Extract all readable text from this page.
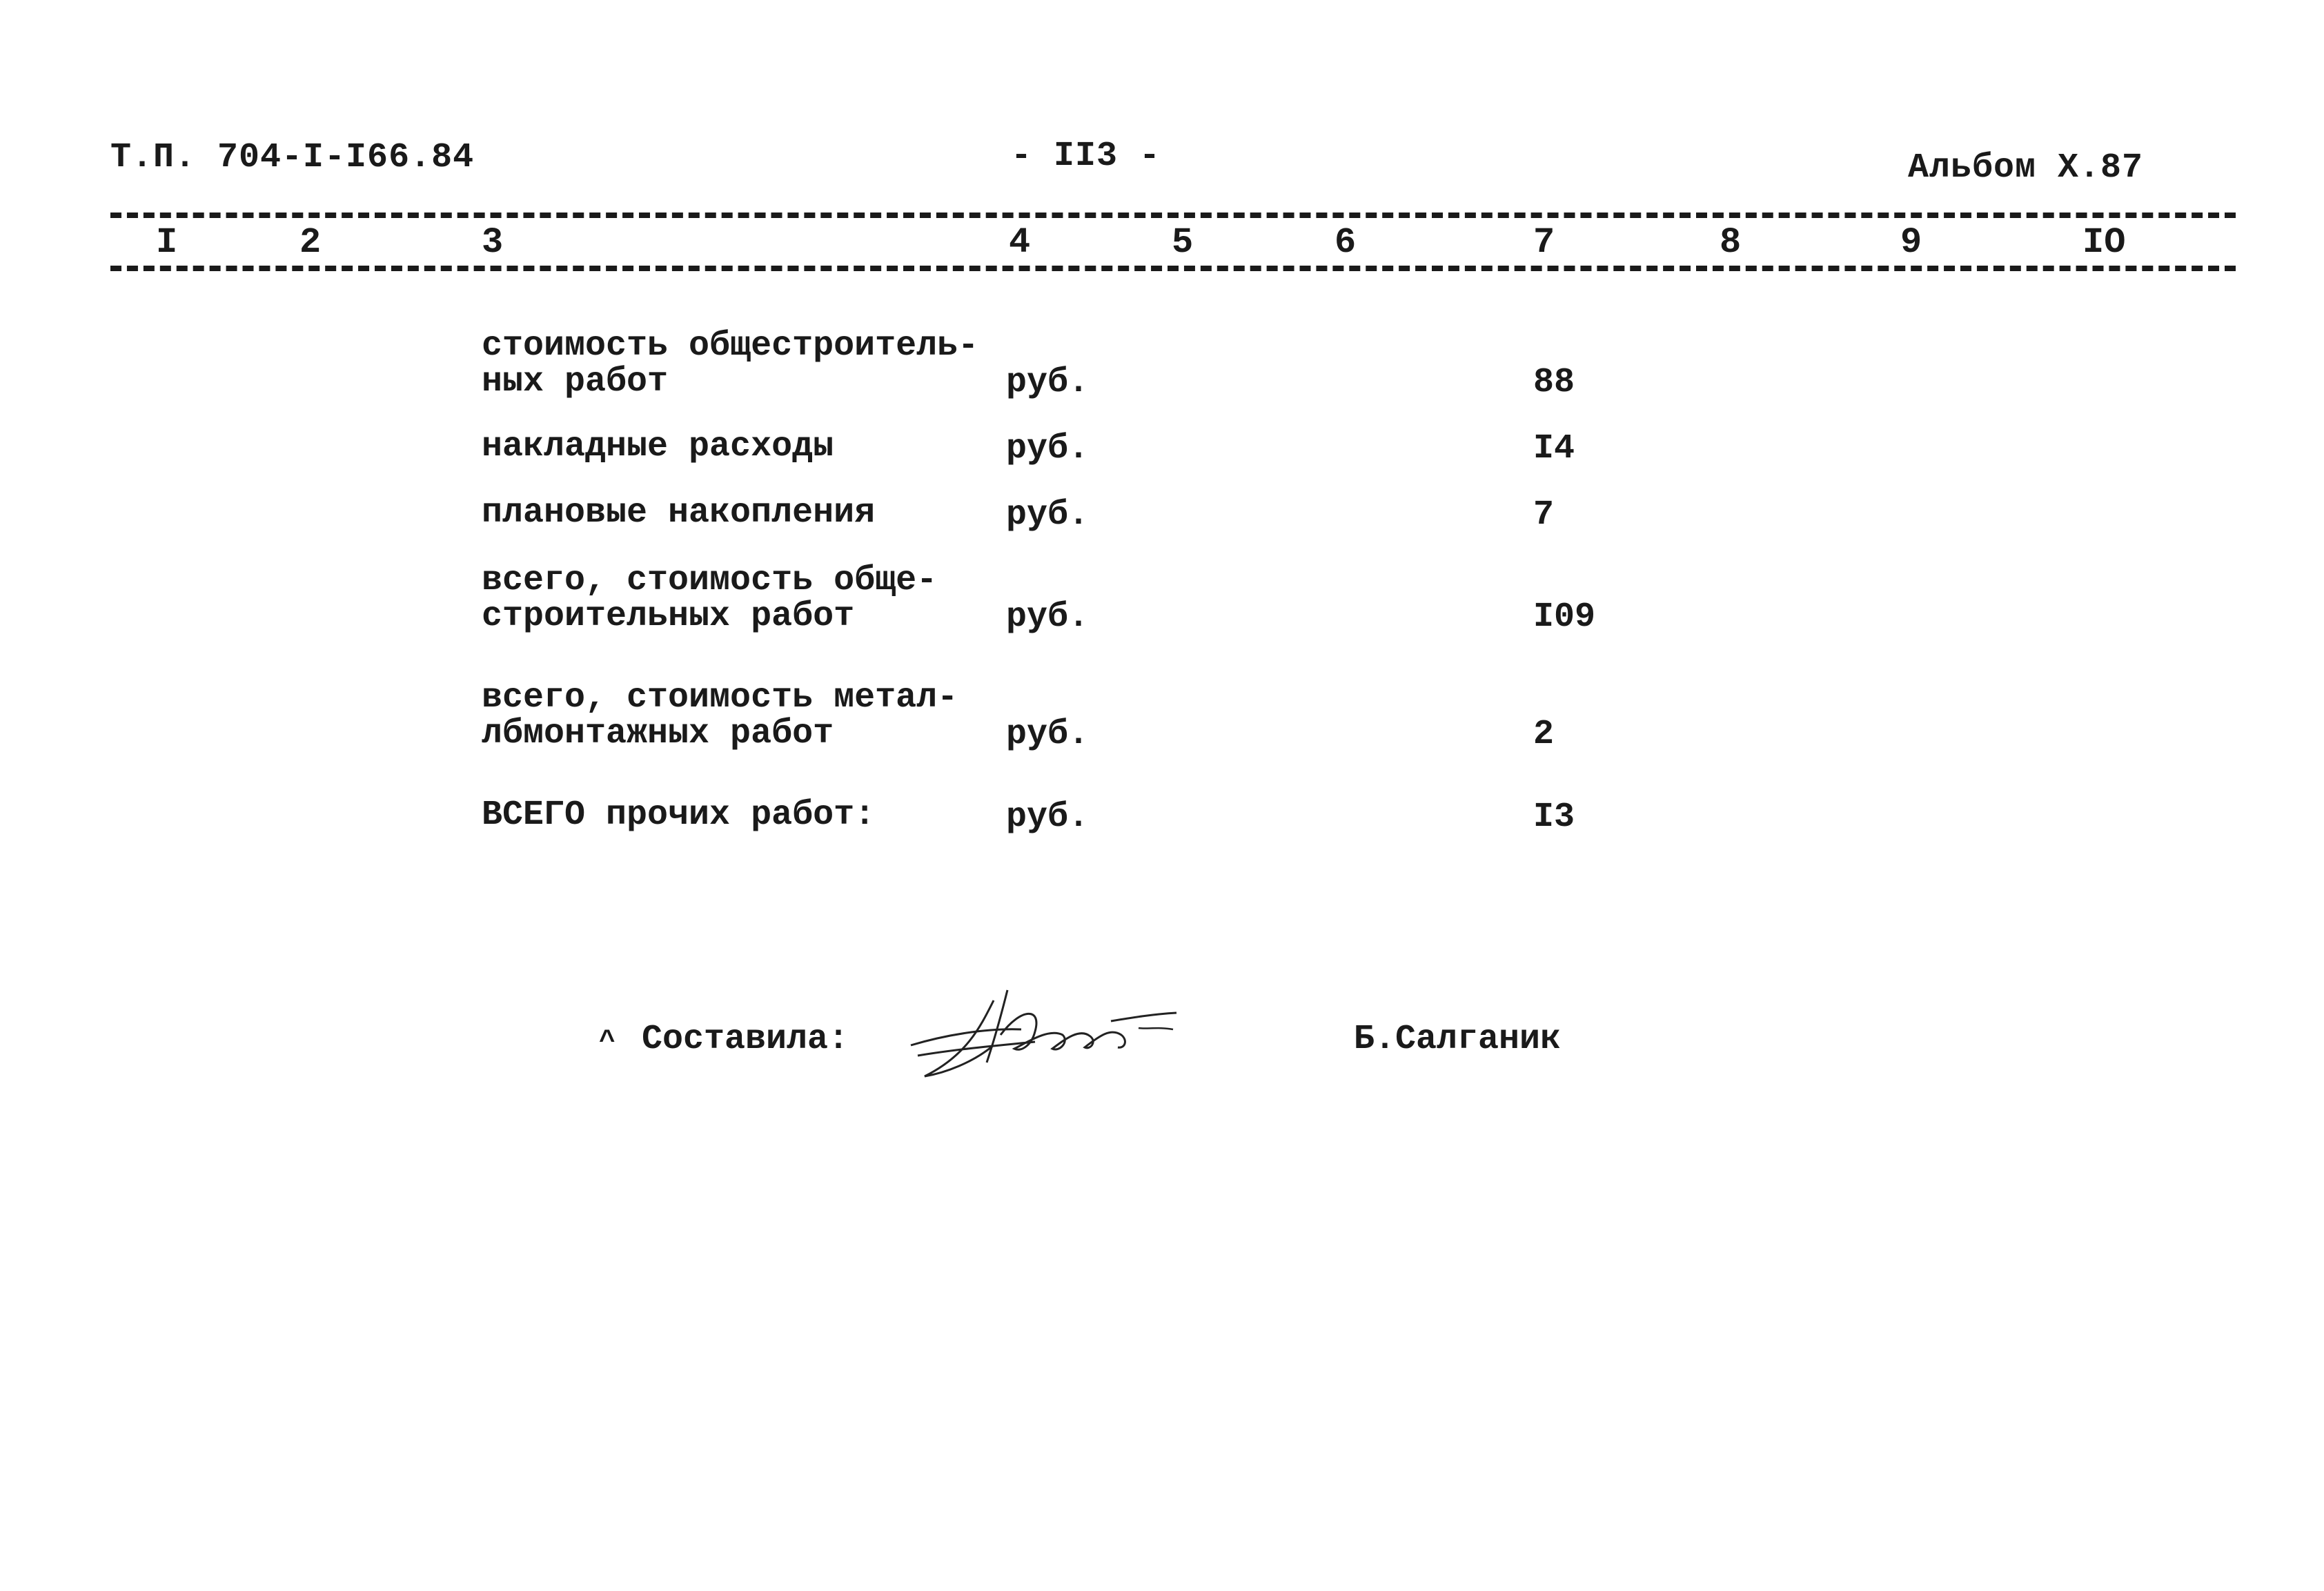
Т.П. 704-I-I66.84	- II3 -	Альбом X.87
I	2	3	4	5	6	7	8	9	IO
стоимость общестроитель-
ных работ	руб.	88
накладные расходы	руб.	I4
плановые накопления	руб.	7
всего, стоимость обще-
строительных работ	руб.	I09
всего, стоимость метал-
лбмонтажных работ	руб.	2
ВСЕГО прочих работ:	руб.	I3
^ Составила:	Б.Салганик
